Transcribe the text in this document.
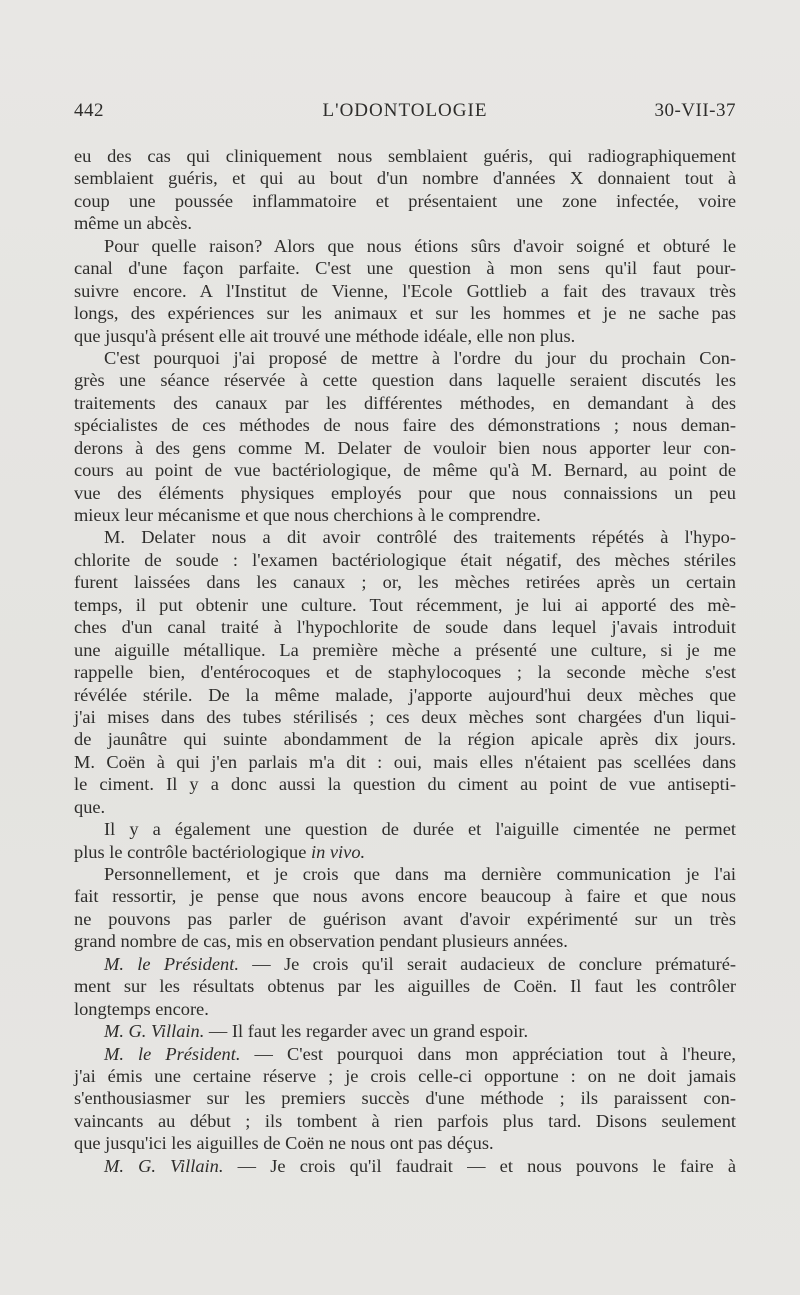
442	L'ODONTOLOGIE	30-VII-37
eu des cas qui cliniquement nous semblaient guéris, qui radiographiquement
semblaient guéris, et qui au bout d'un nombre d'années X donnaient tout à
coup une poussée inflammatoire et présentaient une zone infectée, voire
même un abcès.
Pour quelle raison? Alors que nous étions sûrs d'avoir soigné et obturé le
canal d'une façon parfaite. C'est une question à mon sens qu'il faut pour-
suivre encore. A l'Institut de Vienne, l'Ecole Gottlieb a fait des travaux très
longs, des expériences sur les animaux et sur les hommes et je ne sache pas
que jusqu'à présent elle ait trouvé une méthode idéale, elle non plus.
C'est pourquoi j'ai proposé de mettre à l'ordre du jour du prochain Con-
grès une séance réservée à cette question dans laquelle seraient discutés les
traitements des canaux par les différentes méthodes, en demandant à des
spécialistes de ces méthodes de nous faire des démonstrations ; nous deman-
derons à des gens comme M. Delater de vouloir bien nous apporter leur con-
cours au point de vue bactériologique, de même qu'à M. Bernard, au point de
vue des éléments physiques employés pour que nous connaissions un peu
mieux leur mécanisme et que nous cherchions à le comprendre.
M. Delater nous a dit avoir contrôlé des traitements répétés à l'hypo-
chlorite de soude : l'examen bactériologique était négatif, des mèches stériles
furent laissées dans les canaux ; or, les mèches retirées après un certain
temps, il put obtenir une culture. Tout récemment, je lui ai apporté des mè-
ches d'un canal traité à l'hypochlorite de soude dans lequel j'avais introduit
une aiguille métallique. La première mèche a présenté une culture, si je me
rappelle bien, d'entérocoques et de staphylocoques ; la seconde mèche s'est
révélée stérile. De la même malade, j'apporte aujourd'hui deux mèches que
j'ai mises dans des tubes stérilisés ; ces deux mèches sont chargées d'un liqui-
de jaunâtre qui suinte abondamment de la région apicale après dix jours.
M. Coën à qui j'en parlais m'a dit : oui, mais elles n'étaient pas scellées dans
le ciment. Il y a donc aussi la question du ciment au point de vue antisepti-
que.
Il y a également une question de durée et l'aiguille cimentée ne permet
plus le contrôle bactériologique in vivo.
Personnellement, et je crois que dans ma dernière communication je l'ai
fait ressortir, je pense que nous avons encore beaucoup à faire et que nous
ne pouvons pas parler de guérison avant d'avoir expérimenté sur un très
grand nombre de cas, mis en observation pendant plusieurs années.
M. le Président. — Je crois qu'il serait audacieux de conclure prématuré-
ment sur les résultats obtenus par les aiguilles de Coën. Il faut les contrôler
longtemps encore.
M. G. Villain. — Il faut les regarder avec un grand espoir.
M. le Président. — C'est pourquoi dans mon appréciation tout à l'heure,
j'ai émis une certaine réserve ; je crois celle-ci opportune : on ne doit jamais
s'enthousiasmer sur les premiers succès d'une méthode ; ils paraissent con-
vaincants au début ; ils tombent à rien parfois plus tard. Disons seulement
que jusqu'ici les aiguilles de Coën ne nous ont pas déçus.
M. G. Villain. — Je crois qu'il faudrait — et nous pouvons le faire à
